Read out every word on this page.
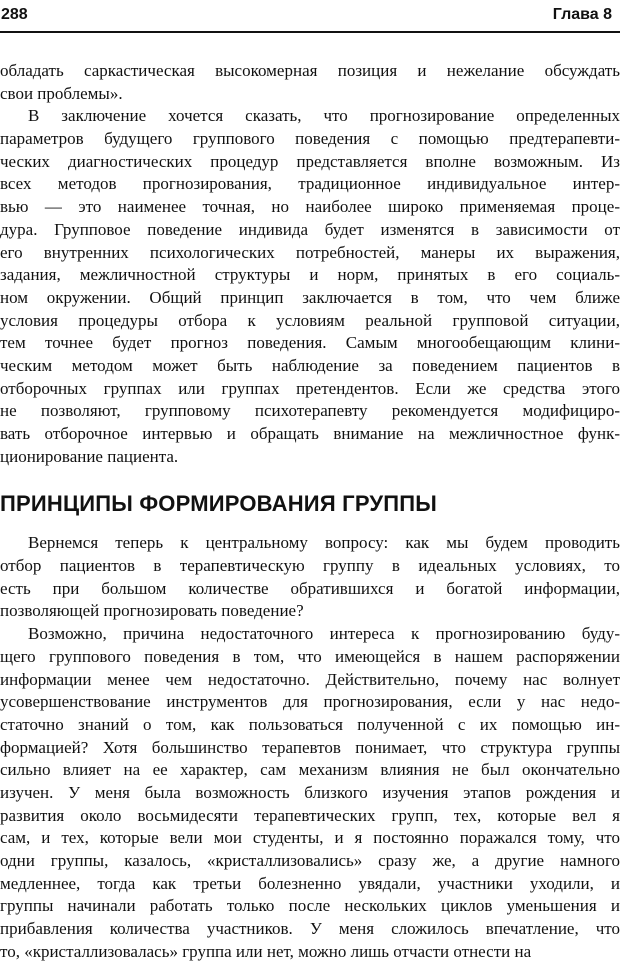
288	Глава 8
обладать саркастическая высокомерная позиция и нежелание обсуждать
свои проблемы».
В заключение хочется сказать, что прогнозирование определенных
параметров будущего группового поведения с помощью предтерапевти-
ческих диагностических процедур представляется вполне возможным. Из
всех методов прогнозирования, традиционное индивидуальное интер-
вью — это наименее точная, но наиболее широко применяемая проце-
дура. Групповое поведение индивида будет изменятся в зависимости от
его внутренних психологических потребностей, манеры их выражения,
задания, межличностной структуры и норм, принятых в его социаль-
ном окружении. Общий принцип заключается в том, что чем ближе
условия процедуры отбора к условиям реальной групповой ситуации,
тем точнее будет прогноз поведения. Самым многообещающим клини-
ческим методом может быть наблюдение за поведением пациентов в
отборочных группах или группах претендентов. Если же средства этого
не позволяют, групповому психотерапевту рекомендуется модифициро-
вать отборочное интервью и обращать внимание на межличностное функ-
ционирование пациента.
ПРИНЦИПЫ ФОРМИРОВАНИЯ ГРУППЫ
Вернемся теперь к центральному вопросу: как мы будем проводить
отбор пациентов в терапевтическую группу в идеальных условиях, то
есть при большом количестве обратившихся и богатой информации,
позволяющей прогнозировать поведение?
Возможно, причина недостаточного интереса к прогнозированию буду-
щего группового поведения в том, что имеющейся в нашем распоряжении
информации менее чем недостаточно. Действительно, почему нас волнует
усовершенствование инструментов для прогнозирования, если у нас недо-
статочно знаний о том, как пользоваться полученной с их помощью ин-
формацией? Хотя большинство терапевтов понимает, что структура группы
сильно влияет на ее характер, сам механизм влияния не был окончательно
изучен. У меня была возможность близкого изучения этапов рождения и
развития около восьмидесяти терапевтических групп, тех, которые вел я
сам, и тех, которые вели мои студенты, и я постоянно поражался тому, что
одни группы, казалось, «кристаллизовались» сразу же, а другие намного
медленнее, тогда как третьи болезненно увядали, участники уходили, и
группы начинали работать только после нескольких циклов уменьшения и
прибавления количества участников. У меня сложилось впечатление, что
то, «кристаллизовалась» группа или нет, можно лишь отчасти отнести на
